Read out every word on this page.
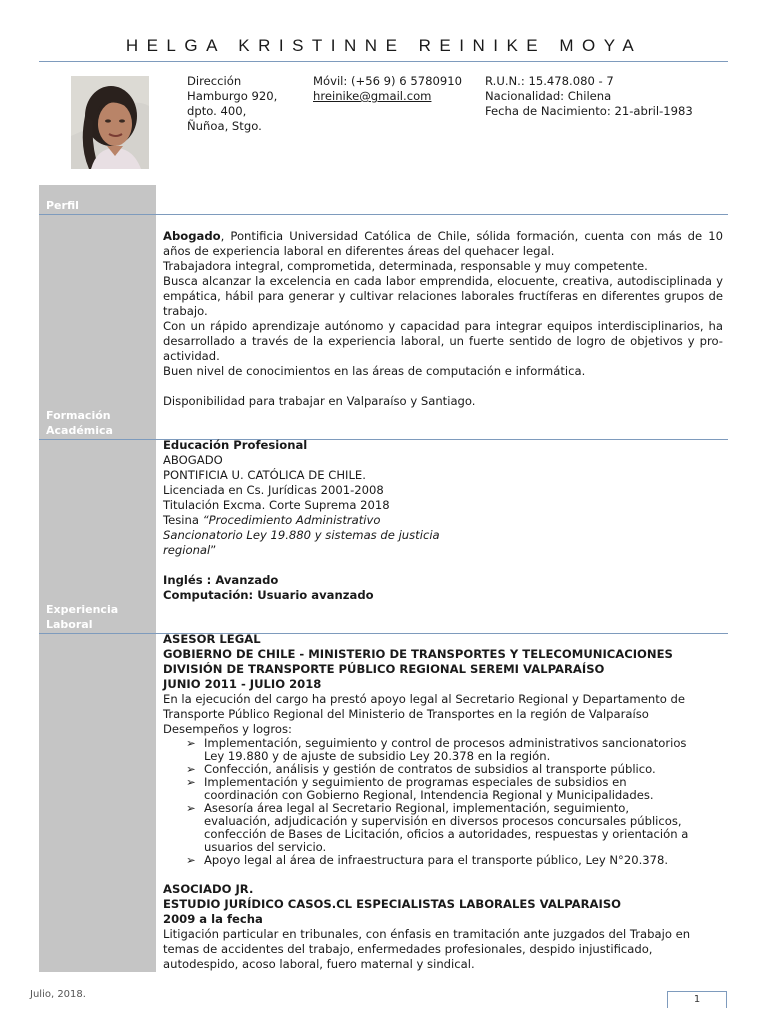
HELGA KRISTINNE REINIKE MOYA
Dirección
Hamburgo 920,
dpto. 400,
Ñuñoa, Stgo.
Móvil: (+56 9) 6 5780910
hreinike@gmail.com
R.U.N.: 15.478.080 - 7
Nacionalidad: Chilena
Fecha de Nacimiento: 21-abril-1983
Perfil
Formación
Académica
Experiencia
Laboral

Abogado, Pontificia Universidad Católica de Chile, sólida formación, cuenta con más de 10 años de experiencia laboral en diferentes áreas del quehacer legal.

Trabajadora integral, comprometida, determinada, responsable y muy competente.

Busca alcanzar la excelencia en cada labor emprendida, elocuente, creativa, autodisciplinada y empática, hábil para generar y cultivar relaciones laborales fructíferas en diferentes grupos de trabajo.

Con un rápido aprendizaje autónomo y capacidad para integrar equipos interdisciplinarios, ha desarrollado a través de la experiencia laboral, un fuerte sentido de logro de objetivos y pro-actividad.

Buen nivel de conocimientos en las áreas de computación e informática.

Disponibilidad para trabajar en Valparaíso y Santiago.

Educación Profesional

ABOGADO

PONTIFICIA U. CATÓLICA DE CHILE.

Licenciada en Cs. Jurídicas 2001-2008

Titulación Excma. Corte Suprema 2018

Tesina “Procedimiento Administrativo

Sancionatorio Ley 19.880 y sistemas de justicia

regional”

Inglés : Avanzado

Computación: Usuario avanzado

ASESOR LEGAL

GOBIERNO DE CHILE - MINISTERIO DE TRANSPORTES Y TELECOMUNICACIONES

DIVISIÓN DE TRANSPORTE PÚBLICO REGIONAL SEREMI VALPARAÍSO

JUNIO 2011 - JULIO 2018

En la ejecución del cargo ha prestó apoyo legal al Secretario Regional y Departamento de Transporte Público Regional del Ministerio de Transportes en la región de Valparaíso

Desempeños y logros:

➢ Implementación, seguimiento y control de procesos administrativos sancionatorios
Ley 19.880 y de ajuste de subsidio Ley 20.378 en la región.
➢ Confección, análisis y gestión de contratos de subsidios al transporte público.
➢ Implementación y seguimiento de programas especiales de subsidios en
coordinación con Gobierno Regional, Intendencia Regional y Municipalidades.
➢ Asesoría área legal al Secretario Regional, implementación, seguimiento,
evaluación, adjudicación y supervisión en diversos procesos concursales públicos,
confección de Bases de Licitación, oficios a autoridades, respuestas y orientación a
usuarios del servicio.
➢ Apoyo legal al área de infraestructura para el transporte público, Ley N°20.378.

ASOCIADO JR.

ESTUDIO JURÍDICO CASOS.CL ESPECIALISTAS LABORALES VALPARAISO

2009 a la fecha

Litigación particular en tribunales, con énfasis en tramitación ante juzgados del Trabajo en temas de accidentes del trabajo, enfermedades profesionales, despido injustificado, autodespido, acoso laboral, fuero maternal y sindical.

Julio, 2018.	1
